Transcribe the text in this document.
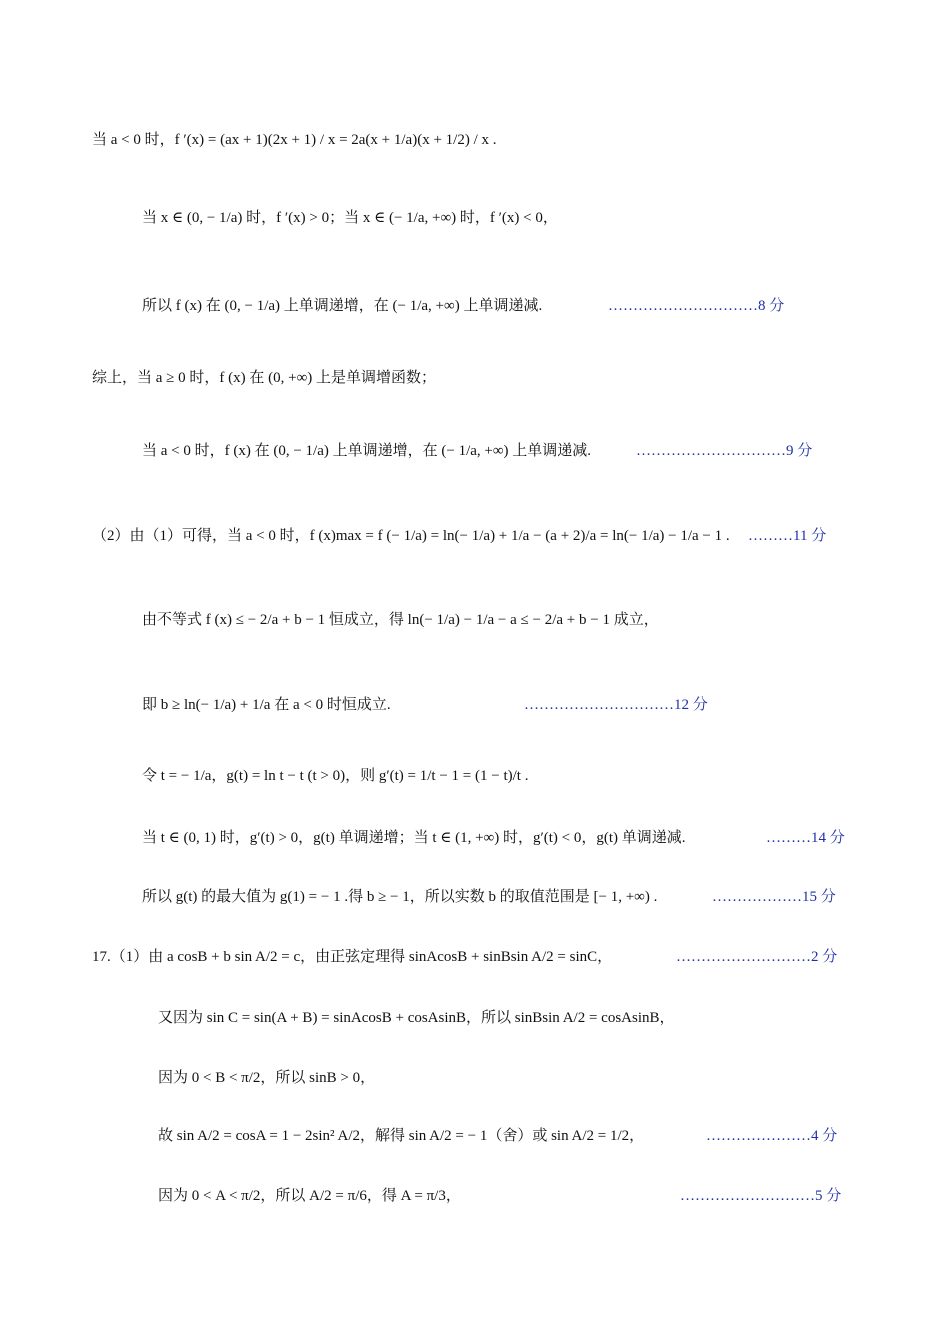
当 a < 0 时，f ′(x) = (ax + 1)(2x + 1) / x = 2a(x + 1/a)(x + 1/2) / x .
当 x ∈ (0, − 1/a) 时，f ′(x) > 0；当 x ∈ (− 1/a, +∞) 时，f ′(x) < 0，
所以 f (x) 在 (0, − 1/a) 上单调递增，在 (− 1/a, +∞) 上单调递减.	…………………………8 分
综上，当 a ≥ 0 时，f (x) 在 (0, +∞) 上是单调增函数；
当 a < 0 时，f (x) 在 (0, − 1/a) 上单调递增，在 (− 1/a, +∞) 上单调递减.	…………………………9 分
（2）由（1）可得，当 a < 0 时，f (x)max = f (− 1/a) = ln(− 1/a) + 1/a − (a + 2)/a = ln(− 1/a) − 1/a − 1 . ………11 分
由不等式 f (x) ≤ − 2/a + b − 1 恒成立，得 ln(− 1/a) − 1/a − a ≤ − 2/a + b − 1 成立，
即 b ≥ ln(− 1/a) + 1/a 在 a < 0 时恒成立.	…………………………12 分
令 t = − 1/a，g(t) = ln t − t (t > 0)，则 g′(t) = 1/t − 1 = (1 − t)/t .
当 t ∈ (0, 1) 时，g′(t) > 0，g(t) 单调递增；当 t ∈ (1, +∞) 时，g′(t) < 0，g(t) 单调递减.	………14 分
所以 g(t) 的最大值为 g(1) = − 1 .得 b ≥ − 1，所以实数 b 的取值范围是 [− 1, +∞) .	………………15 分
17.（1）由 a cosB + b sin A/2 = c，由正弦定理得 sinAcosB + sinBsin A/2 = sinC，	………………………2 分
又因为 sin C = sin(A + B) = sinAcosB + cosAsinB，所以 sinBsin A/2 = cosAsinB，
因为 0 < B < π/2，所以 sinB > 0，
故 sin A/2 = cosA = 1 − 2sin² A/2，解得 sin A/2 = − 1（舍）或 sin A/2 = 1/2，	…………………4 分
因为 0 < A < π/2，所以 A/2 = π/6，得 A = π/3，	………………………5 分
